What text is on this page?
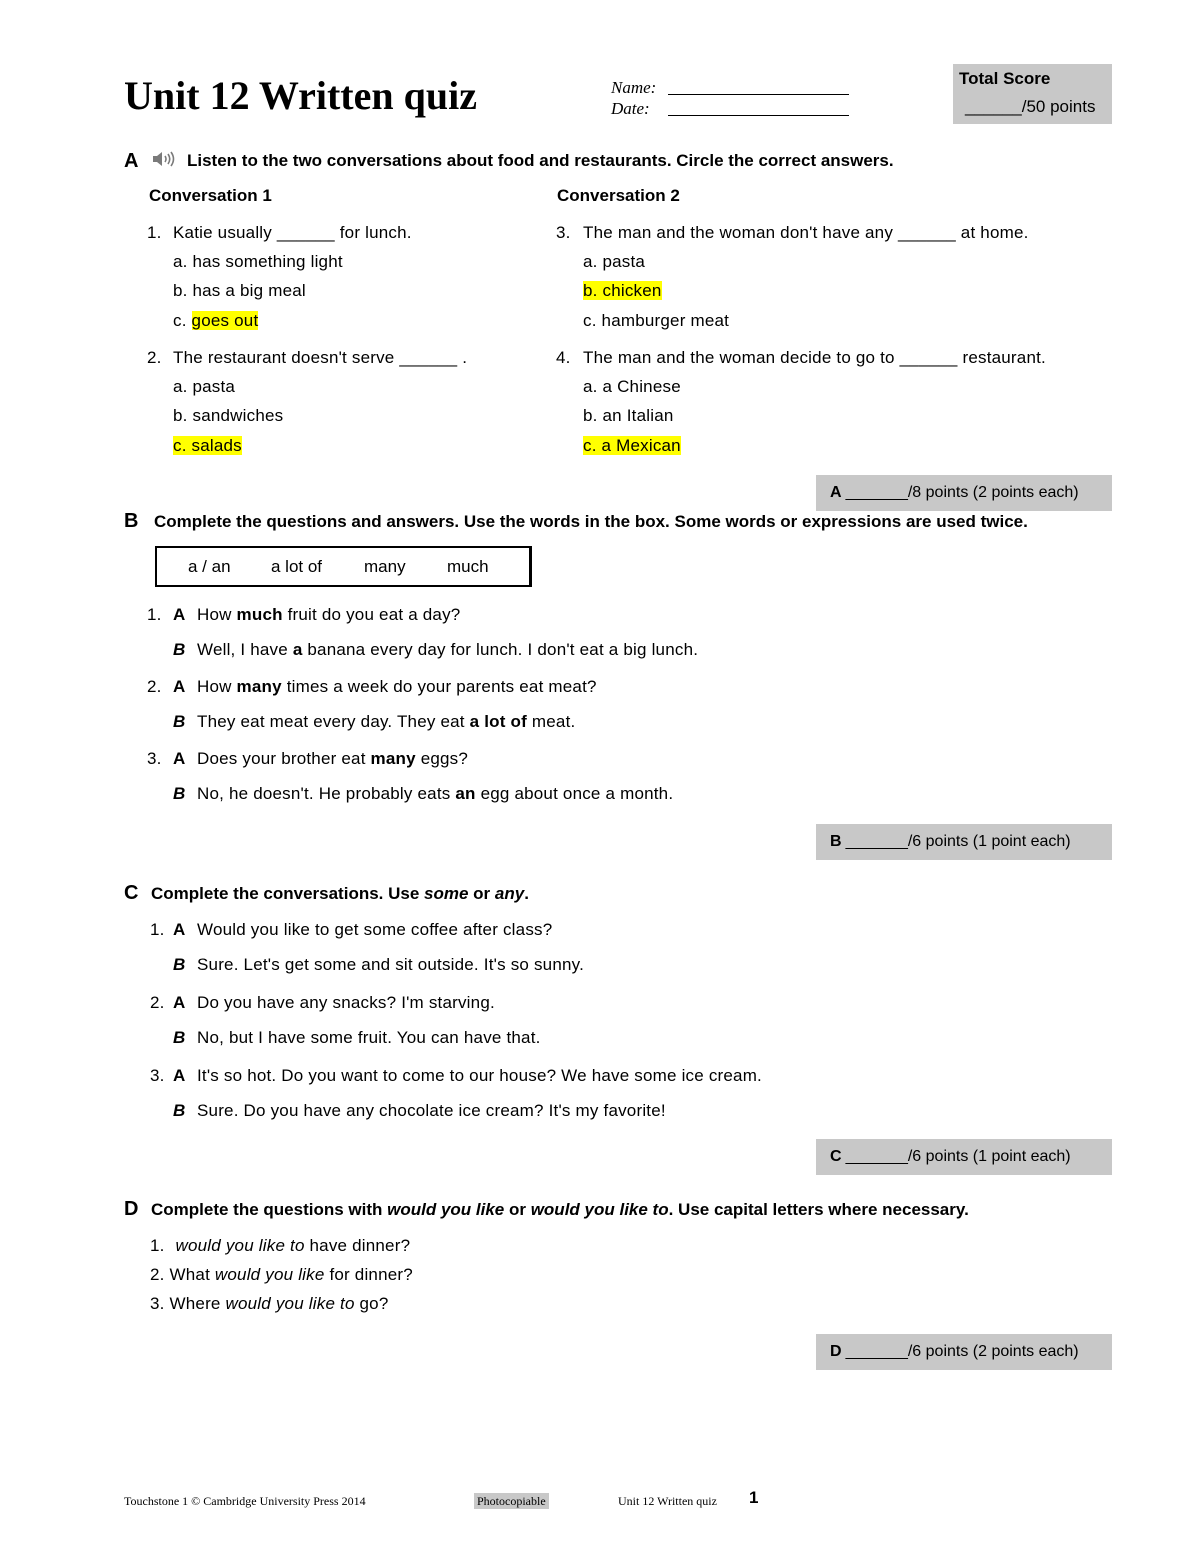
Unit 12 Written quiz	Name:
Date:
Total Score
______/50 points
A	Listen to the two conversations about food and restaurants. Circle the correct answers.
Conversation 1	Conversation 2
1. Katie usually ______ for lunch.
a. has something light
b. has a big meal
c. goes out
2. The restaurant doesn't serve ______ .
a. pasta
b. sandwiches
c. salads
3. The man and the woman don't have any ______ at home.
a. pasta
b. chicken
c. hamburger meat
4. The man and the woman decide to go to ______ restaurant.
a. a Chinese
b. an Italian
c. a Mexican
A _______/8 points (2 points each)
B Complete the questions and answers. Use the words in the box. Some words or expressions are used twice.
a / an a lot of many much
1. A How much fruit do you eat a day?
B Well, I have a banana every day for lunch. I don't eat a big lunch.
2. A How many times a week do your parents eat meat?
B They eat meat every day. They eat a lot of meat.
3. A Does your brother eat many eggs?
B No, he doesn't. He probably eats an egg about once a month.
B _______/6 points (1 point each)
C Complete the conversations. Use some or any.
1. A Would you like to get some coffee after class?
B Sure. Let's get some and sit outside. It's so sunny.
2. A Do you have any snacks? I'm starving.
B No, but I have some fruit. You can have that.
3. A It's so hot. Do you want to come to our house? We have some ice cream.
B Sure. Do you have any chocolate ice cream? It's my favorite!
C _______/6 points (1 point each)
D Complete the questions with would you like or would you like to. Use capital letters where necessary.
1. would you like to have dinner?
2. What would you like for dinner?
3. Where would you like to go?
D _______/6 points (2 points each)
Touchstone 1 © Cambridge University Press 2014	Photocopiable	Unit 12 Written quiz 1
